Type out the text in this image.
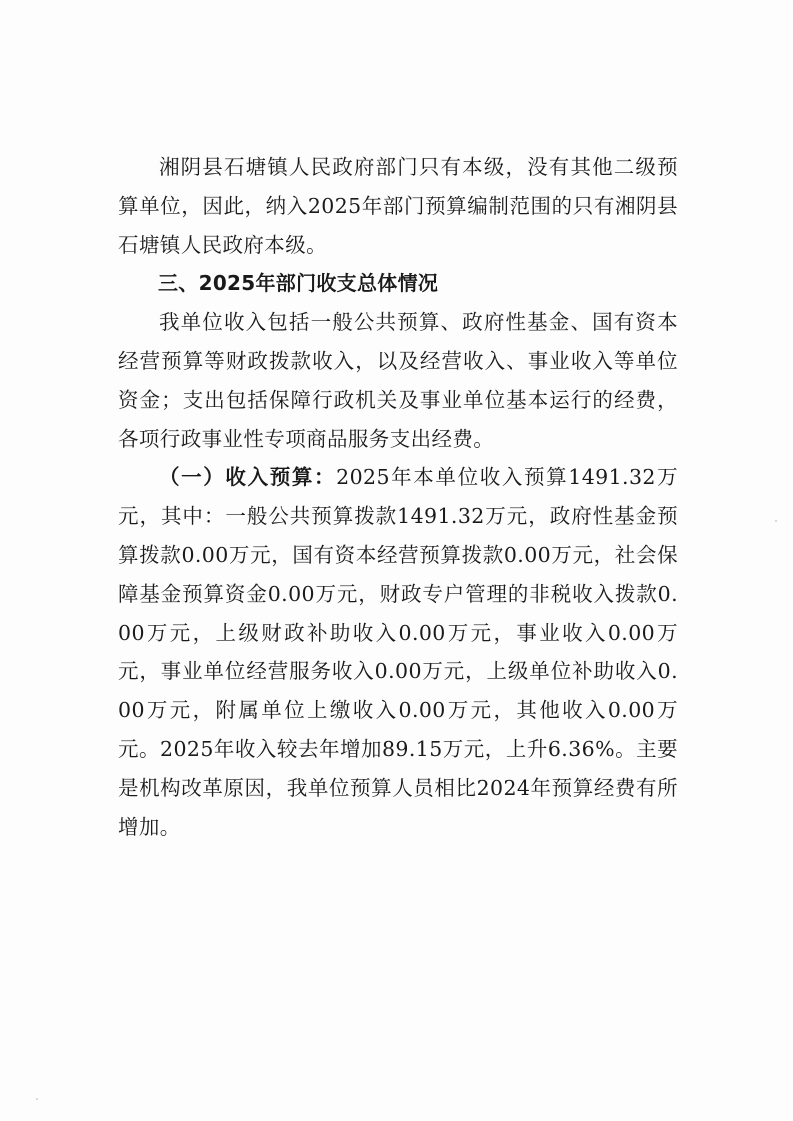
湘阴县石塘镇人民政府部门只有本级，没有其他二级预算单位，因此，纳入2025年部门预算编制范围的只有湘阴县石塘镇人民政府本级。

三、2025年部门收支总体情况

我单位收入包括一般公共预算、政府性基金、国有资本经营预算等财政拨款收入，以及经营收入、事业收入等单位资金；支出包括保障行政机关及事业单位基本运行的经费，各项行政事业性专项商品服务支出经费。

（一）收入预算：2025年本单位收入预算1491.32万元，其中：一般公共预算拨款1491.32万元，政府性基金预算拨款0.00万元，国有资本经营预算拨款0.00万元，社会保障基金预算资金0.00万元，财政专户管理的非税收入拨款0.00万元，上级财政补助收入0.00万元，事业收入0.00万元，事业单位经营服务收入0.00万元，上级单位补助收入0.00万元，附属单位上缴收入0.00万元，其他收入0.00万元。2025年收入较去年增加89.15万元，上升6.36%。主要是机构改革原因，我单位预算人员相比2024年预算经费有所增加。
